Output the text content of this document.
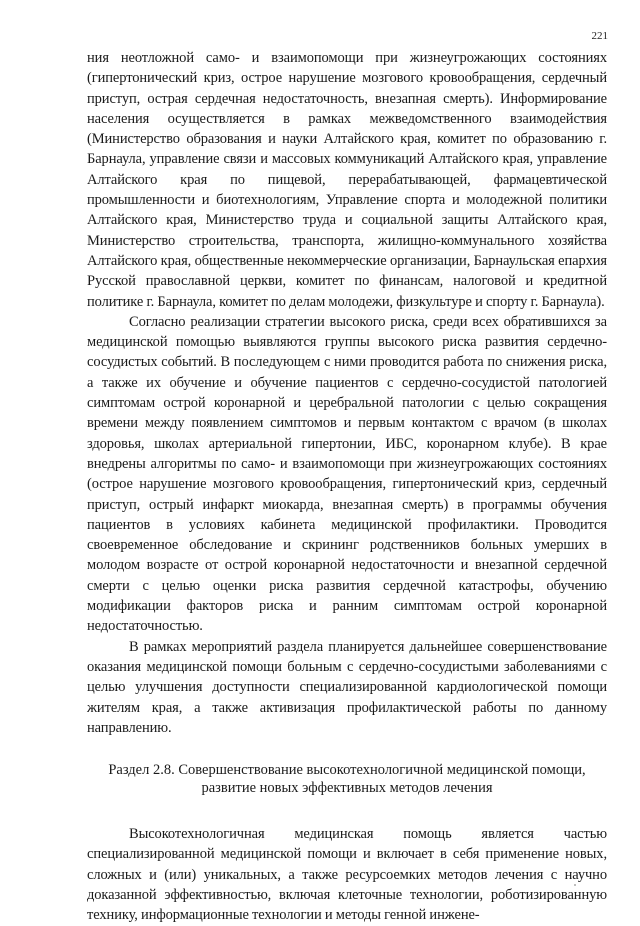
221

ния неотложной само- и взаимопомощи при жизнеугрожающих состояниях (гипертонический криз, острое нарушение мозгового кровообращения, сердечный приступ, острая сердечная недостаточность, внезапная смерть). Информирование населения осуществляется в рамках межведомственного взаимодействия (Министерство образования и науки Алтайского края, комитет по образованию г. Барнаула, управление связи и массовых коммуникаций Алтайского края, управление Алтайского края по пищевой, перерабатывающей, фармацевтической промышленности и биотехнологиям, Управление спорта и молодежной политики Алтайского края, Министерство труда и социальной защиты Алтайского края, Министерство строительства, транспорта, жилищно-коммунального хозяйства Алтайского края, общественные некоммерческие организации, Барнаульская епархия Русской православной церкви, комитет по финансам, налоговой и кредитной политике г. Барнаула, комитет по делам молодежи, физкультуре и спорту г. Барнаула).

Согласно реализации стратегии высокого риска, среди всех обратившихся за медицинской помощью выявляются группы высокого риска развития сердечно-сосудистых событий. В последующем с ними проводится работа по снижения риска, а также их обучение и обучение пациентов с сердечно-сосудистой патологией симптомам острой коронарной и церебральной патологии с целью сокращения времени между появлением симптомов и первым контактом с врачом (в школах здоровья, школах артериальной гипертонии, ИБС, коронарном клубе). В крае внедрены алгоритмы по само- и взаимопомощи при жизнеугрожающих состояниях (острое нарушение мозгового кровообращения, гипертонический криз, сердечный приступ, острый инфаркт миокарда, внезапная смерть) в программы обучения пациентов в условиях кабинета медицинской профилактики. Проводится своевременное обследование и скрининг родственников больных умерших в молодом возрасте от острой коронарной недостаточности и внезапной сердечной смерти с целью оценки риска развития сердечной катастрофы, обучению модификации факторов риска и ранним симптомам острой коронарной недостаточностью.

В рамках мероприятий раздела планируется дальнейшее совершенствование оказания медицинской помощи больным с сердечно-сосудистыми заболеваниями с целью улучшения доступности специализированной кардиологической помощи жителям края, а также активизация профилактической работы по данному направлению.

Раздел 2.8. Совершенствование высокотехнологичной медицинской помощи, развитие новых эффективных методов лечения

Высокотехнологичная медицинская помощь является частью специализированной медицинской помощи и включает в себя применение новых, сложных и (или) уникальных, а также ресурсоемких методов лечения с научно доказанной эффективностью, включая клеточные технологии, роботизированную технику, информационные технологии и методы генной инжене-
